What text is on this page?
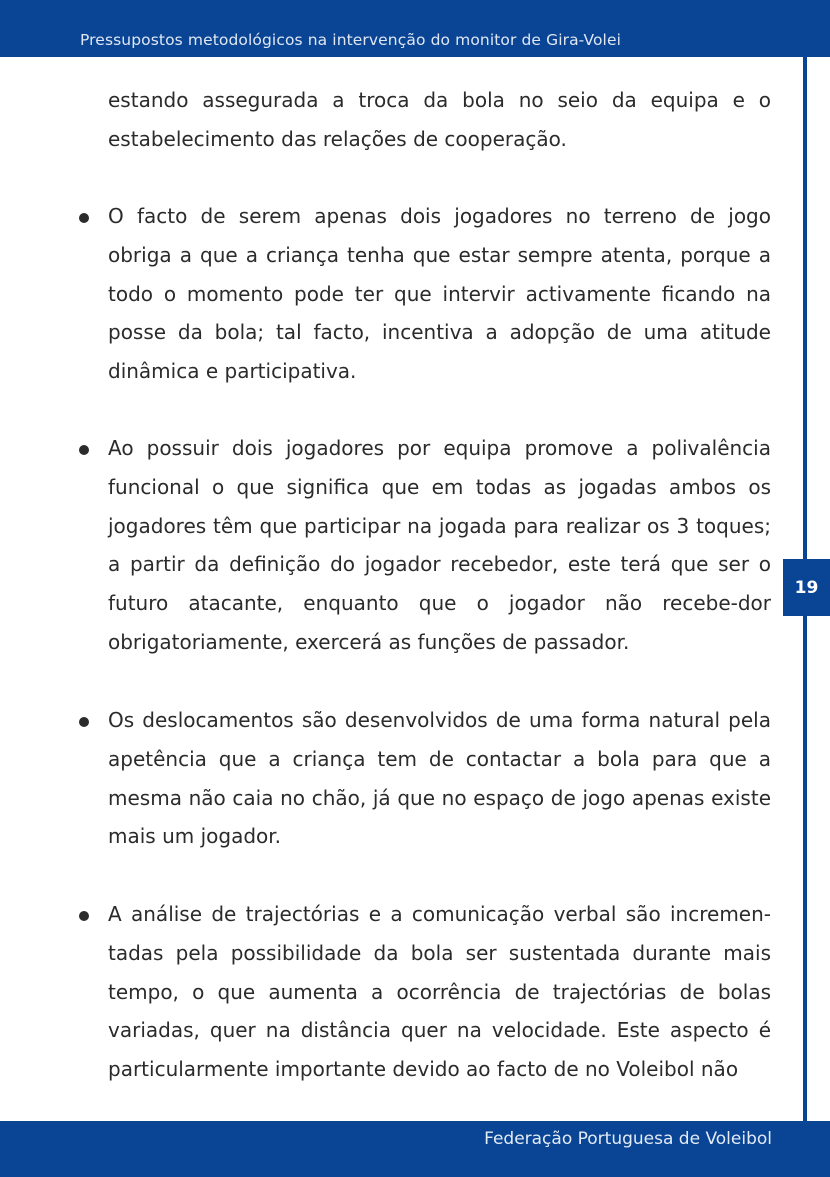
Pressupostos metodológicos na intervenção do monitor de Gira-Volei
19

estando assegurada a troca da bola no seio da equipa e o estabelecimento das relações de cooperação.

O facto de serem apenas dois jogadores no terreno de jogo obriga a que a criança tenha que estar sempre atenta, porque a todo o momento pode ter que intervir activamente ficando na posse da bola; tal facto, incentiva a adopção de uma atitude dinâmica e participativa.

Ao possuir dois jogadores por equipa promove a polivalência funcional o que significa que em todas as jogadas ambos os jogadores têm que participar na jogada para realizar os 3 toques; a partir da definição do jogador recebedor, este terá que ser o futuro atacante, enquanto que o jogador não recebe-dor obrigatoriamente, exercerá as funções de passador.

Os deslocamentos são desenvolvidos de uma forma natural pela apetência que a criança tem de contactar a bola para que a mesma não caia no chão, já que no espaço de jogo apenas existe mais um jogador.

A análise de trajectórias e a comunicação verbal são incremen-tadas pela possibilidade da bola ser sustentada durante mais tempo, o que aumenta a ocorrência de trajectórias de bolas variadas, quer na distância quer na velocidade. Este aspecto é particularmente importante devido ao facto de no Voleibol não

Federação Portuguesa de Voleibol
